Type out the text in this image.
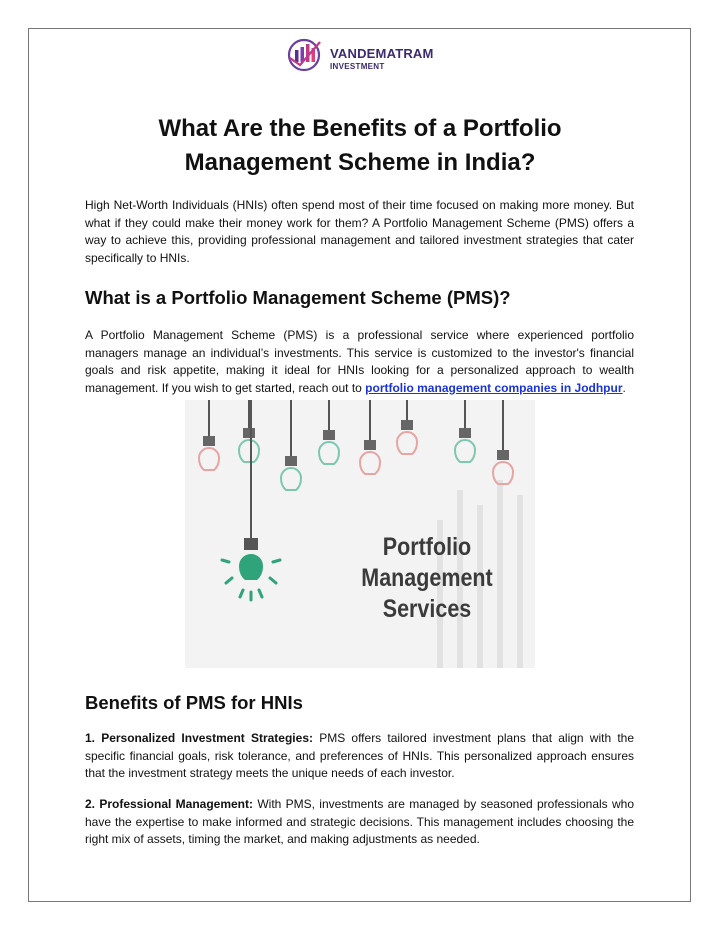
VANDEMATRAM
INVESTMENT
What Are the Benefits of a Portfolio Management Scheme in India?

High Net-Worth Individuals (HNIs) often spend most of their time focused on making more money. But what if they could make their money work for them? A Portfolio Management Scheme (PMS) offers a way to achieve this, providing professional management and tailored investment strategies that cater specifically to HNIs.

What is a Portfolio Management Scheme (PMS)?

A Portfolio Management Scheme (PMS) is a professional service where experienced portfolio managers manage an individual’s investments. This service is customized to the investor's financial goals and risk appetite, making it ideal for HNIs looking for a personalized approach to wealth management. If you wish to get started, reach out to portfolio management companies in Jodhpur.

Portfolio
Management
Services
Benefits of PMS for HNIs

1. Personalized Investment Strategies: PMS offers tailored investment plans that align with the specific financial goals, risk tolerance, and preferences of HNIs. This personalized approach ensures that the investment strategy meets the unique needs of each investor.

2. Professional Management: With PMS, investments are managed by seasoned professionals who have the expertise to make informed and strategic decisions. This management includes choosing the right mix of assets, timing the market, and making adjustments as needed.
